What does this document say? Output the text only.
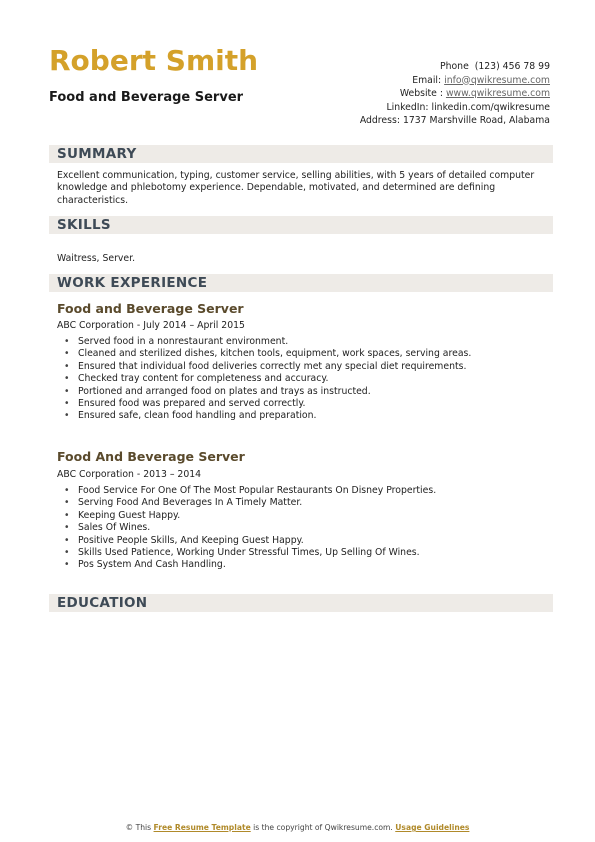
Robert Smith
Food and Beverage Server
Phone (123) 456 78 99
Email: info@qwikresume.com
Website : www.qwikresume.com
LinkedIn: linkedin.com/qwikresume
Address: 1737 Marshville Road, Alabama
SUMMARY
Excellent communication, typing, customer service, selling abilities, with 5 years of detailed computer knowledge and phlebotomy experience. Dependable, motivated, and determined are defining characteristics.
SKILLS
Waitress, Server.
WORK EXPERIENCE
Food and Beverage Server
ABC Corporation - July 2014 – April 2015
• Served food in a nonrestaurant environment.
• Cleaned and sterilized dishes, kitchen tools, equipment, work spaces, serving areas.
• Ensured that individual food deliveries correctly met any special diet requirements.
• Checked tray content for completeness and accuracy.
• Portioned and arranged food on plates and trays as instructed.
• Ensured food was prepared and served correctly.
• Ensured safe, clean food handling and preparation.
Food And Beverage Server
ABC Corporation - 2013 – 2014
• Food Service For One Of The Most Popular Restaurants On Disney Properties.
• Serving Food And Beverages In A Timely Matter.
• Keeping Guest Happy.
• Sales Of Wines.
• Positive People Skills, And Keeping Guest Happy.
• Skills Used Patience, Working Under Stressful Times, Up Selling Of Wines.
• Pos System And Cash Handling.
EDUCATION
© This Free Resume Template is the copyright of Qwikresume.com. Usage Guidelines
